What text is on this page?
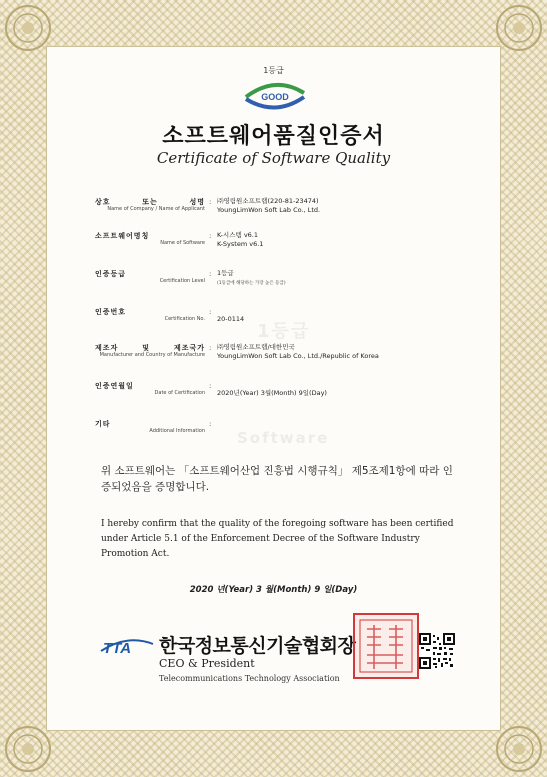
1등급
GOOD
소프트웨어품질인증서
Certificate of Software Quality
1등급
Software
상호 또는 성명
Name of Company / Name of Applicant
: ㈜영림원소프트랩(220-81-23474)
YoungLimWon Soft Lab Co., Ltd.
소프트웨어명칭
Name of Software
: K-시스템 v6.1
K-System v6.1
인증등급
Certification Level
: 1등급
(1등급에 해당하는 가장 높은 등급)
인증번호
Certification No.
:
20-0114
제조자 및 제조국가
Manufacturer and Country of Manufacture
: ㈜영림원소프트랩/대한민국
YoungLimWon Soft Lab Co., Ltd./Republic of Korea
인증연월일
Date of Certification
:
2020년(Year) 3월(Month) 9일(Day)
기타
Additional Information
:
위 소프트웨어는 「소프트웨어산업 진흥법 시행규칙」 제5조제1항에 따라 인증되었음을 증명합니다.
I hereby confirm that the quality of the foregoing software has been certified under Article 5.1 of the Enforcement Decree of the Software Industry Promotion Act.
2020 년(Year) 3 월(Month) 9 일(Day)
TTA 한국정보통신기술협회장
CEO & President
Telecommunications Technology Association
